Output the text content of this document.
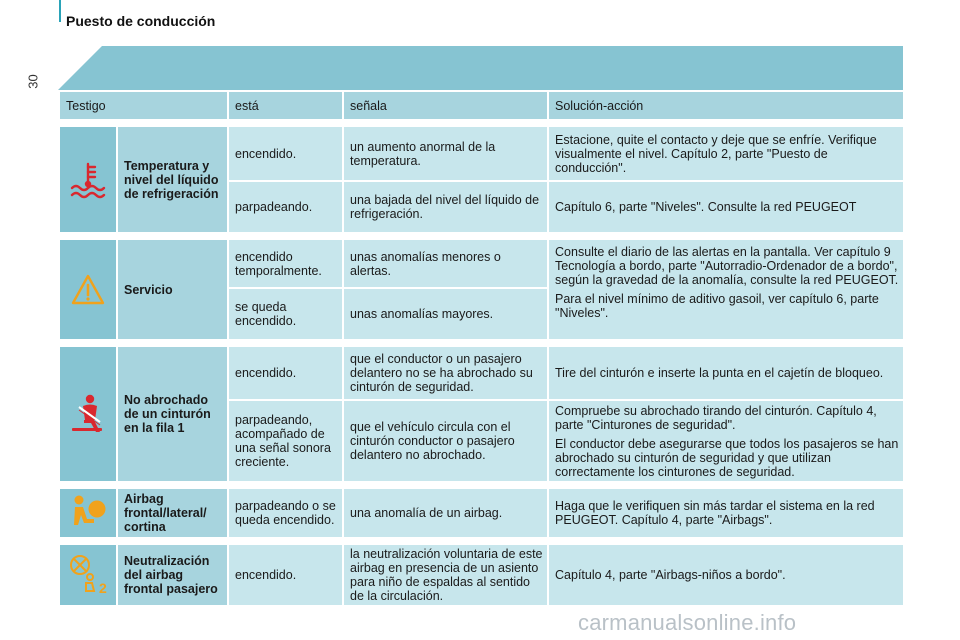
30
Puesto de conducción
Testigo		está	señala	Solución-acción

	Temperatura y nivel del líquido de refrigeración	encendido.	un aumento anormal de la temperatura.	Estacione, quite el contacto y deje que se enfríe. Verifique visualmente el nivel. Capítulo 2, parte "Puesto de conducción".

		parpadeando.	una bajada del nivel del líquido de refrigeración.	Capítulo 6, parte "Niveles". Consulte la red PEUGEOT

	Servicio	encendido temporalmente.	unas anomalías menores o alertas.	Consulte el diario de las alertas en la pantalla. Ver capítulo 9 Tecnología a bordo, parte "Autorradio-Ordenador de a bordo", según la gravedad de la anomalía, consulte la red PEUGEOT.
Para el nivel mínimo de aditivo gasoil, ver capítulo 6, parte "Niveles".

		se queda encendido.	unas anomalías mayores.	

	No abrochado de un cinturón en la fila 1	encendido.	que el conductor o un pasajero delantero no se ha abrochado su cinturón de seguridad.	Tire del cinturón e inserte la punta en el cajetín de bloqueo.

		parpadeando, acompañado de una señal sonora creciente.	que el vehículo circula con el cinturón conductor o pasajero delantero no abrochado.	Compruebe su abrochado tirando del cinturón. Capítulo 4, parte "Cinturones de seguridad".
El conductor debe asegurarse que todos los pasajeros se han abrochado su cinturón de seguridad y que utilizan correctamente los cinturones de seguridad.

	Airbag frontal/lateral/ cortina	parpadeando o se queda encendido.	una anomalía de un airbag.	Haga que le verifiquen sin más tardar el sistema en la red PEUGEOT. Capítulo 4, parte "Airbags".

2	Neutralización del airbag frontal pasajero	encendido.	la neutralización voluntaria de este airbag en presencia de un asiento para niño de espaldas al sentido de la circulación.	Capítulo 4, parte "Airbags-niños a bordo".
carmanualsonline.info
